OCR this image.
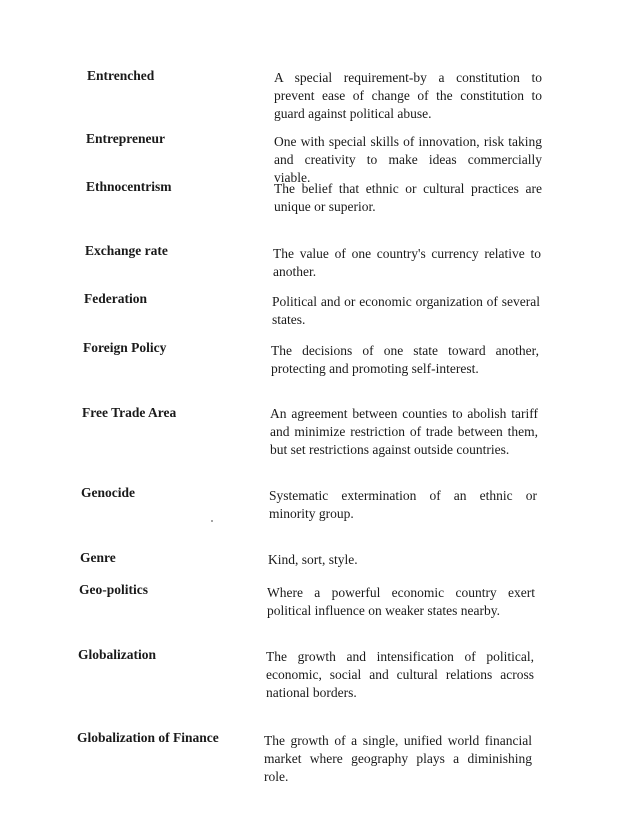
Entrenched	A special requirement-by a constitution to prevent ease of change of the constitution to guard against political abuse.
Entrepreneur	One with special skills of innovation, risk taking and creativity to make ideas commercially viable.
Ethnocentrism	The belief that ethnic or cultural practices are unique or superior.
Exchange rate	The value of one country's currency relative to another.
Federation	Political and or economic organization of several states.
Foreign Policy	The decisions of one state toward another, protecting and promoting self-interest.
Free Trade Area	An agreement between counties to abolish tariff and minimize restriction of trade between them, but set restrictions against outside countries.
Genocide	Systematic extermination of an ethnic or minority group.
Genre	Kind, sort, style.
Geo-politics	Where a powerful economic country exert political influence on weaker states nearby.
Globalization	The growth and intensification of political, economic, social and cultural relations across national borders.
Globalization of Finance	The growth of a single, unified world financial market where geography plays a diminishing role.
